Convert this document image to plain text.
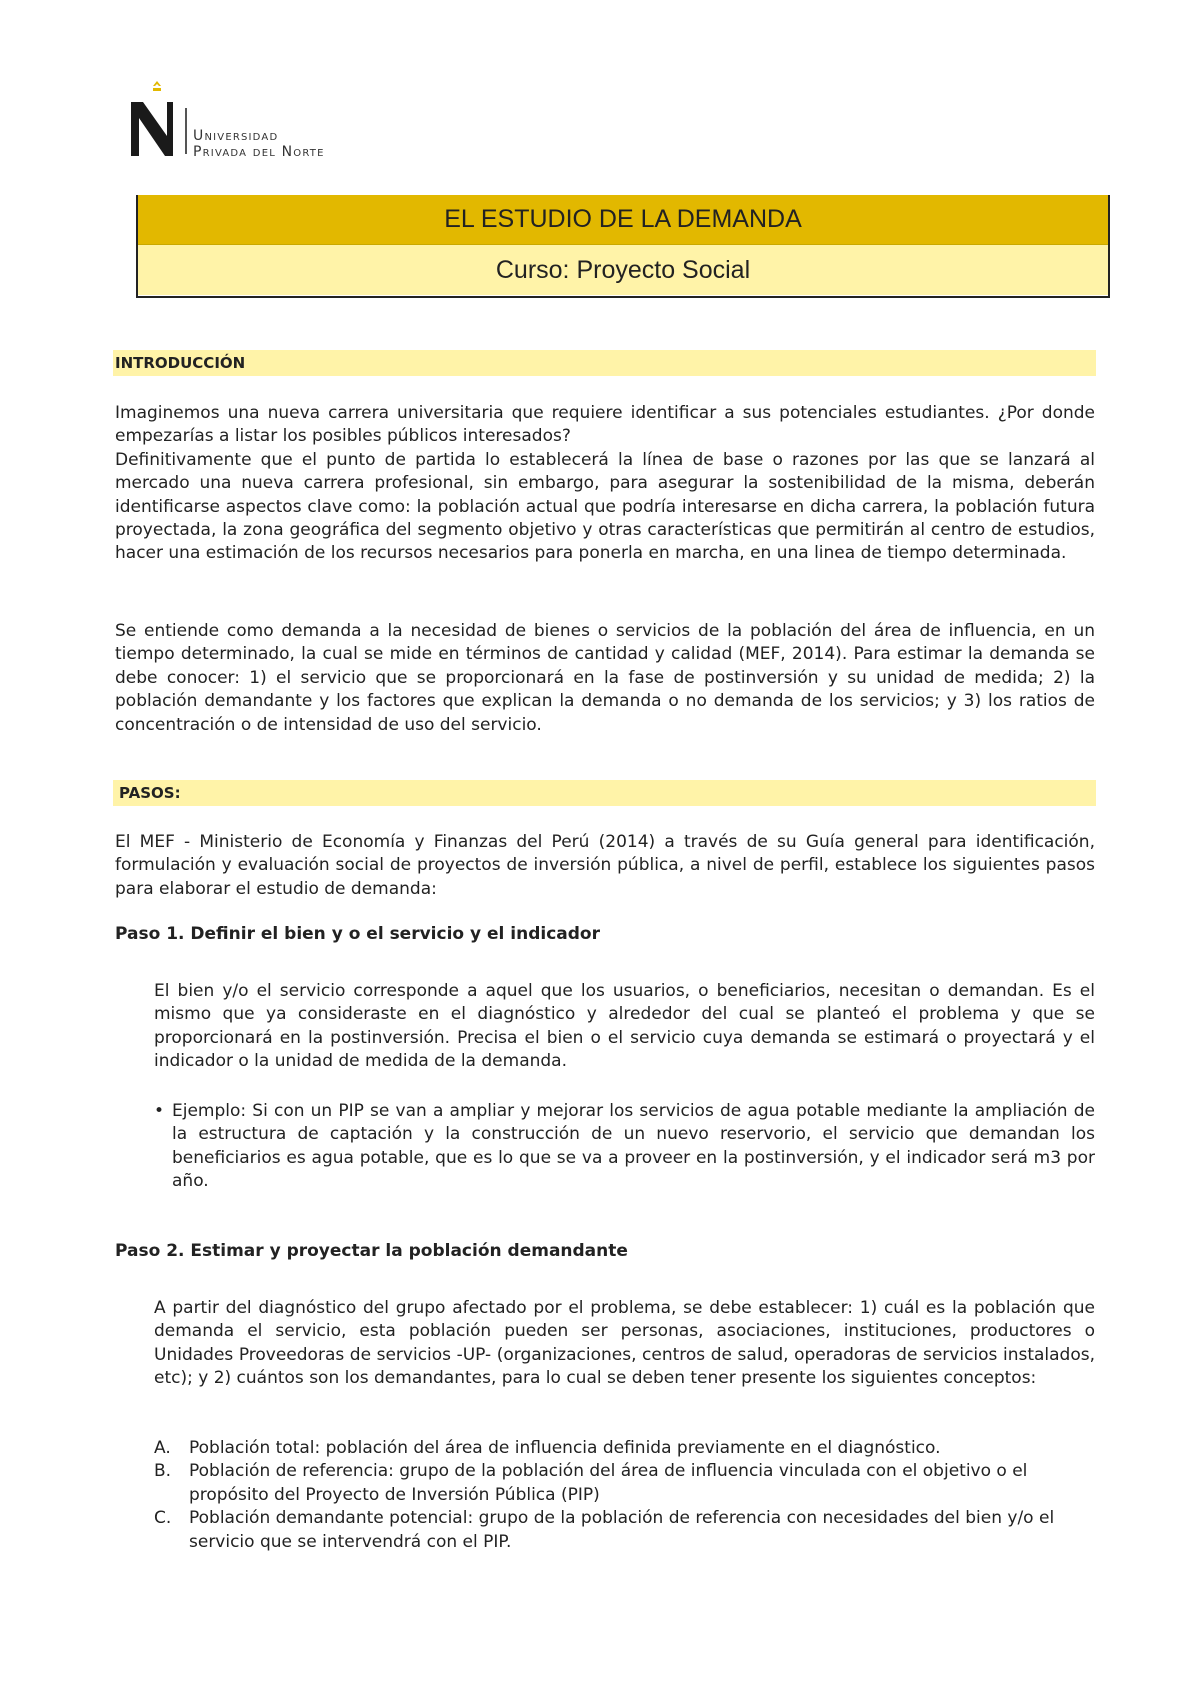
Universidad
Privada del Norte
EL ESTUDIO DE LA DEMANDA
Curso: Proyecto Social
INTRODUCCIÓN
Imaginemos una nueva carrera universitaria que requiere identificar a sus potenciales estudiantes. ¿Por donde empezarías a listar los posibles públicos interesados?
Definitivamente que el punto de partida lo establecerá la línea de base o razones por las que se lanzará al mercado una nueva carrera profesional, sin embargo, para asegurar la sostenibilidad de la misma, deberán identificarse aspectos clave como: la población actual que podría interesarse en dicha carrera, la población futura proyectada, la zona geográfica del segmento objetivo y otras características que permitirán al centro de estudios, hacer una estimación de los recursos necesarios para ponerla en marcha, en una linea de tiempo determinada.
Se entiende como demanda a la necesidad de bienes o servicios de la población del área de influencia, en un tiempo determinado, la cual se mide en términos de cantidad y calidad (MEF, 2014). Para estimar la demanda se debe conocer: 1) el servicio que se proporcionará en la fase de postinversión y su unidad de medida; 2) la población demandante y los factores que explican la demanda o no demanda de los servicios; y 3) los ratios de concentración o de intensidad de uso del servicio.
PASOS:
El MEF - Ministerio de Economía y Finanzas del Perú (2014) a través de su Guía general para identificación, formulación y evaluación social de proyectos de inversión pública, a nivel de perfil, establece los siguientes pasos para elaborar el estudio de demanda:
Paso 1. Definir el bien y o el servicio y el indicador
El bien y/o el servicio corresponde a aquel que los usuarios, o beneficiarios, necesitan o demandan. Es el mismo que ya consideraste en el diagnóstico y alrededor del cual se planteó el problema y que se proporcionará en la postinversión. Precisa el bien o el servicio cuya demanda se estimará o proyectará y el indicador o la unidad de medida de la demanda.
• Ejemplo: Si con un PIP se van a ampliar y mejorar los servicios de agua potable mediante la ampliación de la estructura de captación y la construcción de un nuevo reservorio, el servicio que demandan los beneficiarios es agua potable, que es lo que se va a proveer en la postinversión, y el indicador será m3 por año.
Paso 2. Estimar y proyectar la población demandante
A partir del diagnóstico del grupo afectado por el problema, se debe establecer: 1) cuál es la población que demanda el servicio, esta población pueden ser personas, asociaciones, instituciones, productores o Unidades Proveedoras de servicios -UP- (organizaciones, centros de salud, operadoras de servicios instalados, etc); y 2) cuántos son los demandantes, para lo cual se deben tener presente los siguientes conceptos:
A. Población total: población del área de influencia definida previamente en el diagnóstico.
B. Población de referencia: grupo de la población del área de influencia vinculada con el objetivo o el propósito del Proyecto de Inversión Pública (PIP)
C. Población demandante potencial: grupo de la población de referencia con necesidades del bien y/o el servicio que se intervendrá con el PIP.
